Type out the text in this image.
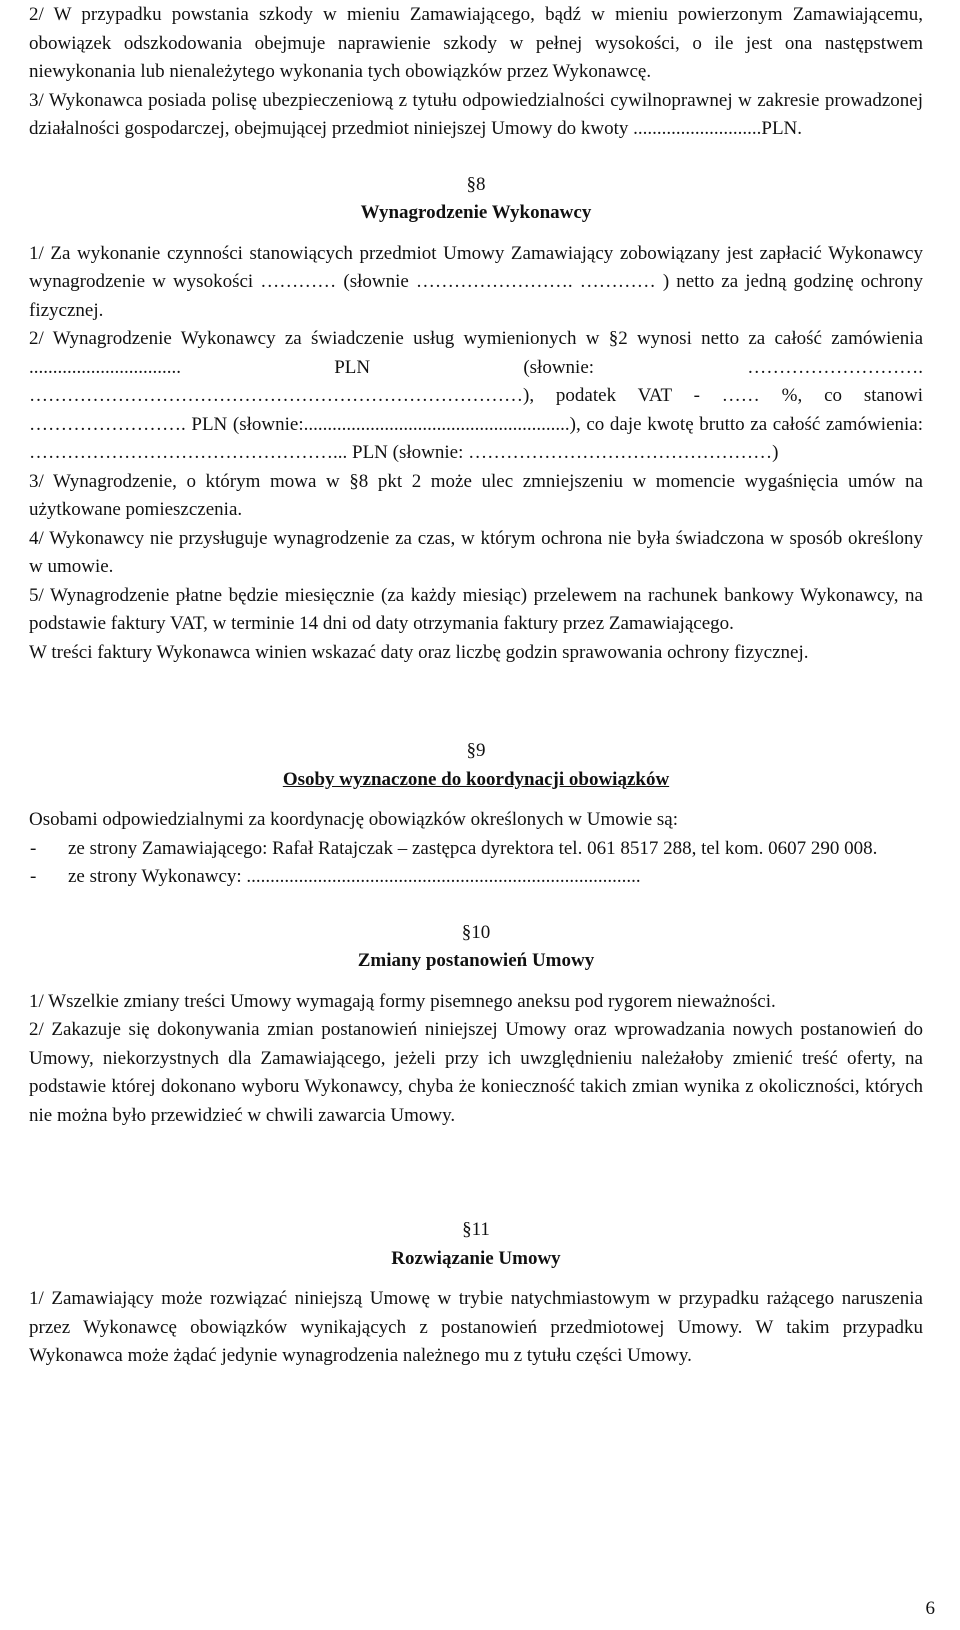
2/ W przypadku powstania szkody w mieniu Zamawiającego, bądź w mieniu powierzonym Zamawiającemu, obowiązek odszkodowania obejmuje naprawienie szkody w pełnej wysokości, o ile jest ona następstwem niewykonania lub nienależytego wykonania tych obowiązków przez Wykonawcę.

3/ Wykonawca posiada polisę ubezpieczeniową z tytułu odpowiedzialności cywilnoprawnej w zakresie prowadzonej działalności gospodarczej, obejmującej przedmiot niniejszej Umowy do kwoty ...........................PLN.

§8

Wynagrodzenie Wykonawcy

1/ Za wykonanie czynności stanowiących przedmiot Umowy Zamawiający zobowiązany jest zapłacić Wykonawcy wynagrodzenie w wysokości ………… (słownie ……………………. ………… ) netto za jedną godzinę ochrony fizycznej.

2/ Wynagrodzenie Wykonawcy za świadczenie usług wymienionych w §2 wynosi netto za całość zamówienia ................................ PLN (słownie: ………………………. ……………………………………………………………………), podatek VAT - …… %, co stanowi ……………………. PLN (słownie:........................................................), co daje kwotę brutto za całość zamówienia: …………………………………………... PLN (słownie: …………………………………………)

3/ Wynagrodzenie, o którym mowa w §8 pkt 2 może ulec zmniejszeniu w momencie wygaśnięcia umów na użytkowane pomieszczenia.

4/ Wykonawcy nie przysługuje wynagrodzenie za czas, w którym ochrona nie była świadczona w sposób określony w umowie.

5/ Wynagrodzenie płatne będzie miesięcznie (za każdy miesiąc) przelewem na rachunek bankowy Wykonawcy, na podstawie faktury VAT, w terminie 14 dni od daty otrzymania faktury przez Zamawiającego.

W treści faktury Wykonawca winien wskazać daty oraz liczbę godzin sprawowania ochrony fizycznej.

§9

Osoby wyznaczone do koordynacji obowiązków

Osobami odpowiedzialnymi za koordynację obowiązków określonych w Umowie są:

-	ze strony Zamawiającego: Rafał Ratajczak – zastępca dyrektora tel. 061 8517 288, tel kom. 0607 290 008.
-	ze strony Wykonawcy: ...................................................................................

§10

Zmiany postanowień Umowy

1/ Wszelkie zmiany treści Umowy wymagają formy pisemnego aneksu pod rygorem nieważności.

2/ Zakazuje się dokonywania zmian postanowień niniejszej Umowy oraz wprowadzania nowych postanowień do Umowy, niekorzystnych dla Zamawiającego, jeżeli przy ich uwzględnieniu należałoby zmienić treść oferty, na podstawie której dokonano wyboru Wykonawcy, chyba że konieczność takich zmian wynika z okoliczności, których nie można było przewidzieć w chwili zawarcia Umowy.

§11

Rozwiązanie Umowy

1/ Zamawiający może rozwiązać niniejszą Umowę w trybie natychmiastowym w przypadku rażącego naruszenia przez Wykonawcę obowiązków wynikających z postanowień przedmiotowej Umowy. W takim przypadku Wykonawca może żądać jedynie wynagrodzenia należnego mu z tytułu części Umowy.

6
